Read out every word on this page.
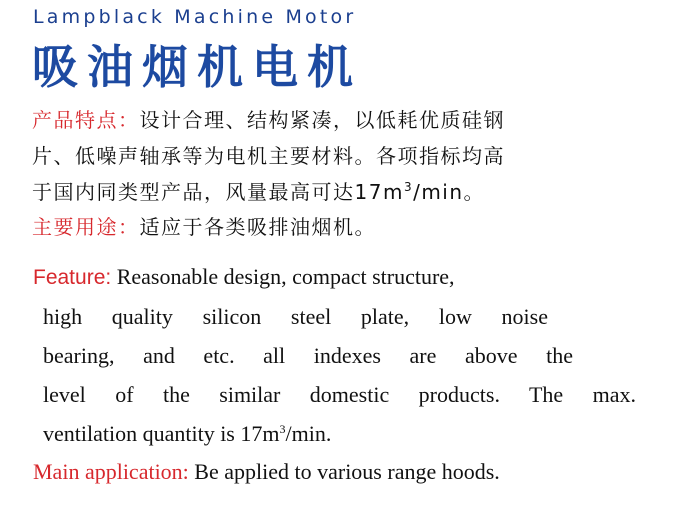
Lampblack Machine Motor
吸油烟机电机
产品特点：设计合理、结构紧凑，以低耗优质硅钢
片、低噪声轴承等为电机主要材料。各项指标均高
于国内同类型产品，风量最高可达$17m^3/\min$。
主要用途：适应于各类吸排油烟机。
Feature: Reasonable design, compact structure,
high quality silicon steel plate, low noise
bearing, and etc. all indexes are above the
level of the similar domestic products. The max.
ventilation quantity is $17m^3/\min$.
Main application: Be applied to various range hoods.
